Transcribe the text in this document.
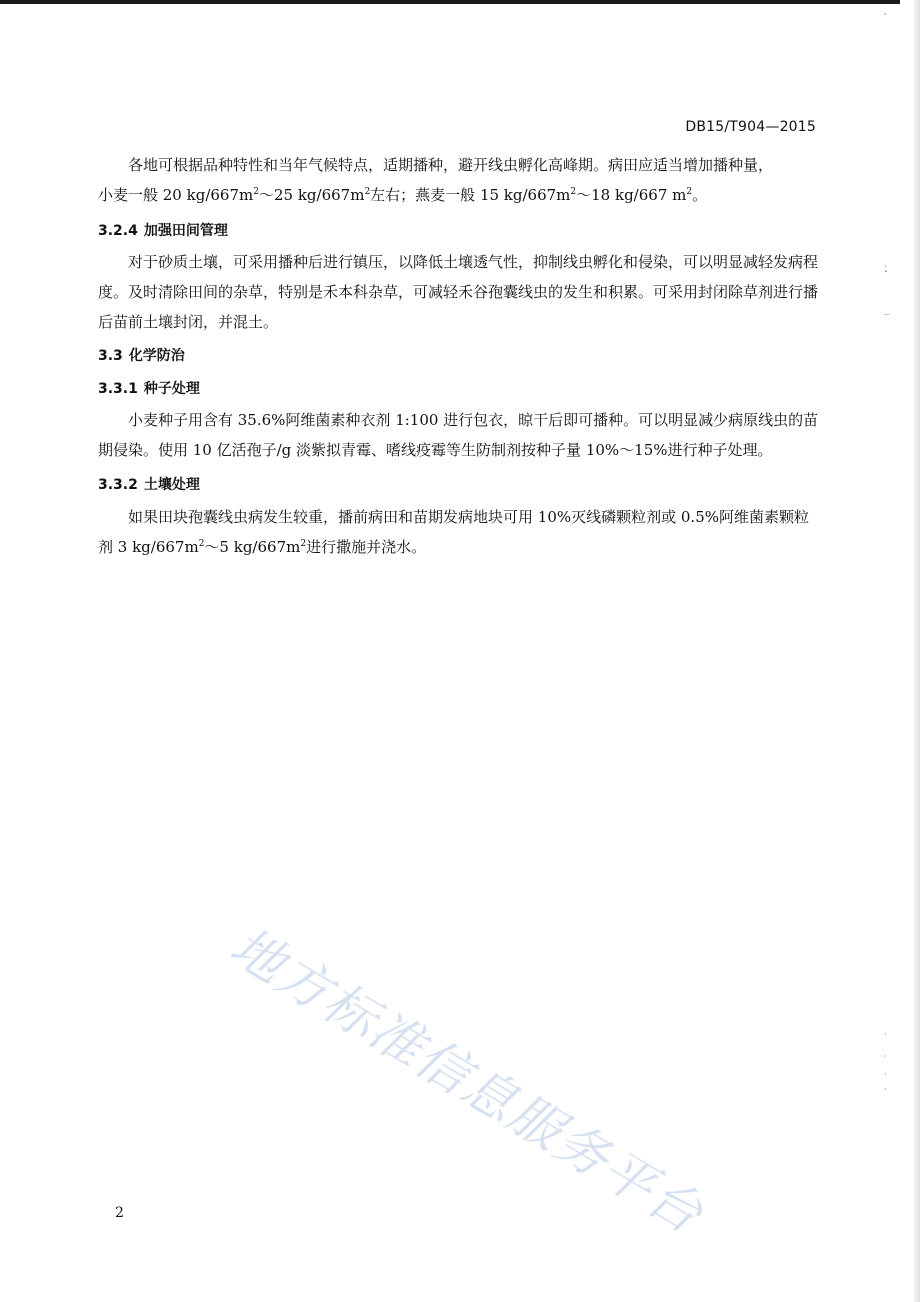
'
·
ˇ
‥
·
·
·
·
DB15/T904—2015

各地可根据品种特性和当年气候特点，适期播种，避开线虫孵化高峰期。病田应适当增加播种量，
小麦一般 20 $kg/667m^2\sim 25$ $kg/667m^2$左右；燕麦一般 15 $kg/667m^2\sim 18$ kg/667 $m^2$。

3.2.4 加强田间管理

对于砂质土壤，可采用播种后进行镇压，以降低土壤透气性，抑制线虫孵化和侵染，可以明显减轻发病程度。及时清除田间的杂草，特别是禾本科杂草，可减轻禾谷孢囊线虫的发生和积累。可采用封闭除草剂进行播后苗前土壤封闭，并混土。

3.3 化学防治
3.3.1 种子处理

小麦种子用含有 35.6%阿维菌素种衣剂 1:100 进行包衣，晾干后即可播种。可以明显减少病原线虫的苗期侵染。使用 10 亿活孢子/g 淡紫拟青霉、嗜线疫霉等生防制剂按种子量 10%～15%进行种子处理。

3.3.2 土壤处理

如果田块孢囊线虫病发生较重，播前病田和苗期发病地块可用 10%灭线磷颗粒剂或 0.5%阿维菌素颗粒剂 3 $kg/667m^2\sim 5$ $kg/667m^2$进行撒施并浇水。

地方标准信息服务平台
2
